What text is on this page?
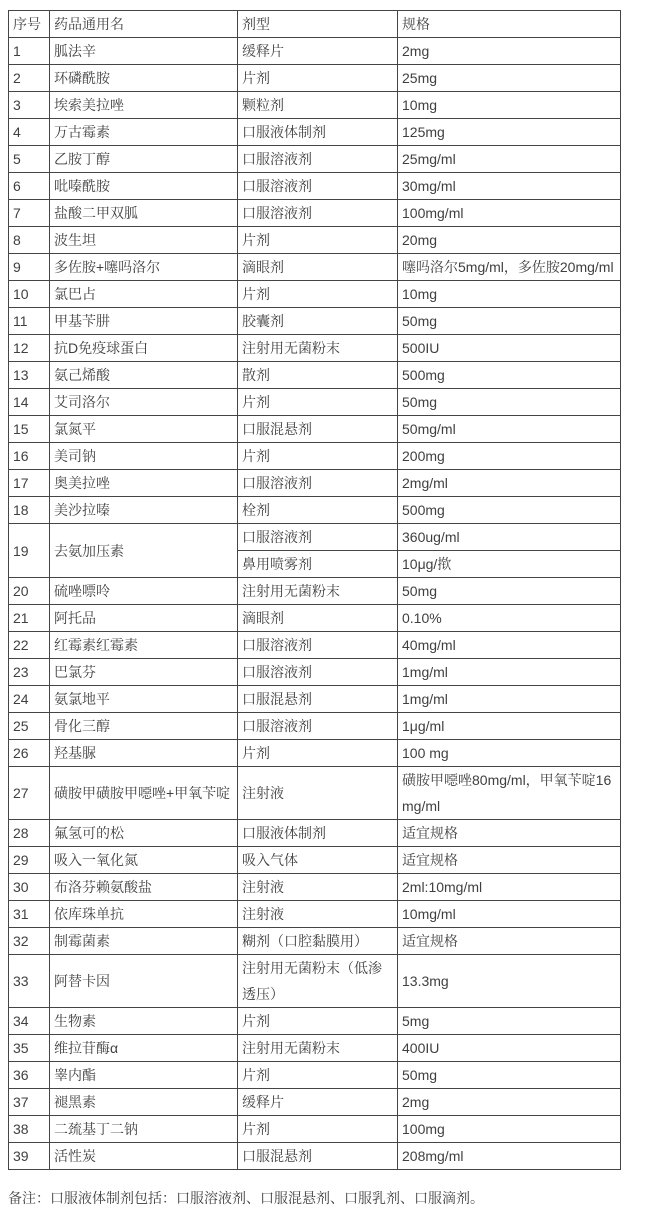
序号	药品通用名	剂型	规格
1	胍法辛	缓释片	2mg
2	环磷酰胺	片剂	25mg
3	埃索美拉唑	颗粒剂	10mg
4	万古霉素	口服液体制剂	125mg
5	乙胺丁醇	口服溶液剂	25mg/ml
6	吡嗪酰胺	口服溶液剂	30mg/ml
7	盐酸二甲双胍	口服溶液剂	100mg/ml
8	波生坦	片剂	20mg
9	多佐胺+噻吗洛尔	滴眼剂	噻吗洛尔5mg/ml，多佐胺20mg/ml
10	氯巴占	片剂	10mg
11	甲基苄肼	胶囊剂	50mg
12	抗D免疫球蛋白	注射用无菌粉末	500IU
13	氨己烯酸	散剂	500mg
14	艾司洛尔	片剂	50mg
15	氯氮平	口服混悬剂	50mg/ml
16	美司钠	片剂	200mg
17	奥美拉唑	口服溶液剂	2mg/ml
18	美沙拉嗪	栓剂	500mg
19	去氨加压素	口服溶液剂	360ug/ml
		鼻用喷雾剂	10μg/揿
20	硫唑嘌呤	注射用无菌粉末	50mg
21	阿托品	滴眼剂	0.10%
22	红霉素红霉素	口服溶液剂	40mg/ml
23	巴氯芬	口服溶液剂	1mg/ml
24	氨氯地平	口服混悬剂	1mg/ml
25	骨化三醇	口服溶液剂	1μg/ml
26	羟基脲	片剂	100 mg
27	磺胺甲磺胺甲噁唑+甲氧苄啶	注射液	磺胺甲噁唑80mg/ml，甲氧苄啶16mg/ml
28	氟氢可的松	口服液体制剂	适宜规格
29	吸入一氧化氮	吸入气体	适宜规格
30	布洛芬赖氨酸盐	注射液	2ml:10mg/ml
31	依库珠单抗	注射液	10mg/ml
32	制霉菌素	糊剂（口腔黏膜用）	适宜规格
33	阿替卡因	注射用无菌粉末（低渗透压）	13.3mg
34	生物素	片剂	5mg
35	维拉苷酶α	注射用无菌粉末	400IU
36	睾内酯	片剂	50mg
37	褪黑素	缓释片	2mg
38	二巯基丁二钠	片剂	100mg
39	活性炭	口服混悬剂	208mg/ml
备注：口服液体制剂包括：口服溶液剂、口服混悬剂、口服乳剂、口服滴剂。
